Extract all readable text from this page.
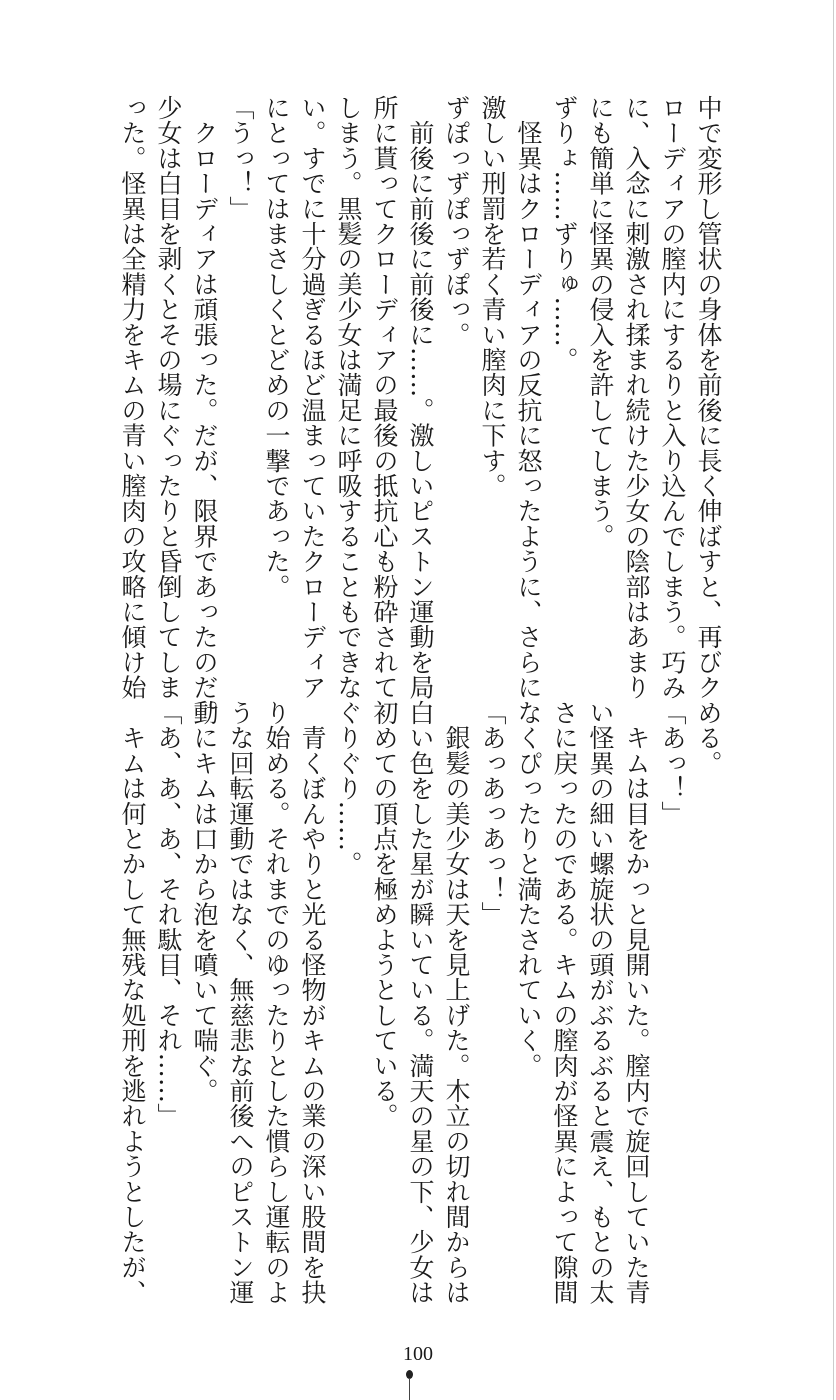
中で変形し管状の身体を前後に長く伸ばすと、再びク
ローディアの膣内にするりと入り込んでしまう。巧み
に、入念に刺激され揉まれ続けた少女の陰部はあまり
にも簡単に怪異の侵入を許してしまう。
ずりょ……ずりゅ……。
　怪異はクローディアの反抗に怒ったように、さらに
激しい刑罰を若く青い膣肉に下す。
ずぽっずぽっずぽっ。
　前後に前後に前後に……。激しいピストン運動を局
所に貰ってクローディアの最後の抵抗心も粉砕されて
しまう。黒髪の美少女は満足に呼吸することもできな
い。すでに十分過ぎるほど温まっていたクローディア
にとってはまさしくとどめの一撃であった。
「うっ！」
　クローディアは頑張った。だが、限界であったのだ。
少女は白目を剥くとその場にぐったりと昏倒してしま
った。怪異は全精力をキムの青い膣肉の攻略に傾け始
める。
「あっ！」
　キムは目をかっと見開いた。膣内で旋回していた青
い怪異の細い螺旋状の頭がぶるぶると震え、もとの太
さに戻ったのである。キムの膣肉が怪異によって隙間
なくぴったりと満たされていく。
「あっあっあっ！」
　銀髪の美少女は天を見上げた。木立の切れ間からは
白い色をした星が瞬いている。満天の星の下、少女は
初めての頂点を極めようとしている。
ぐりぐり……。
　青くぼんやりと光る怪物がキムの業の深い股間を抉
り始める。それまでのゆったりとした慣らし運転のよ
うな回転運動ではなく、無慈悲な前後へのピストン運
動にキムは口から泡を噴いて喘ぐ。
「あ、あ、あ、それ駄目、それ……」
　キムは何とかして無残な処刑を逃れようとしたが、
100
